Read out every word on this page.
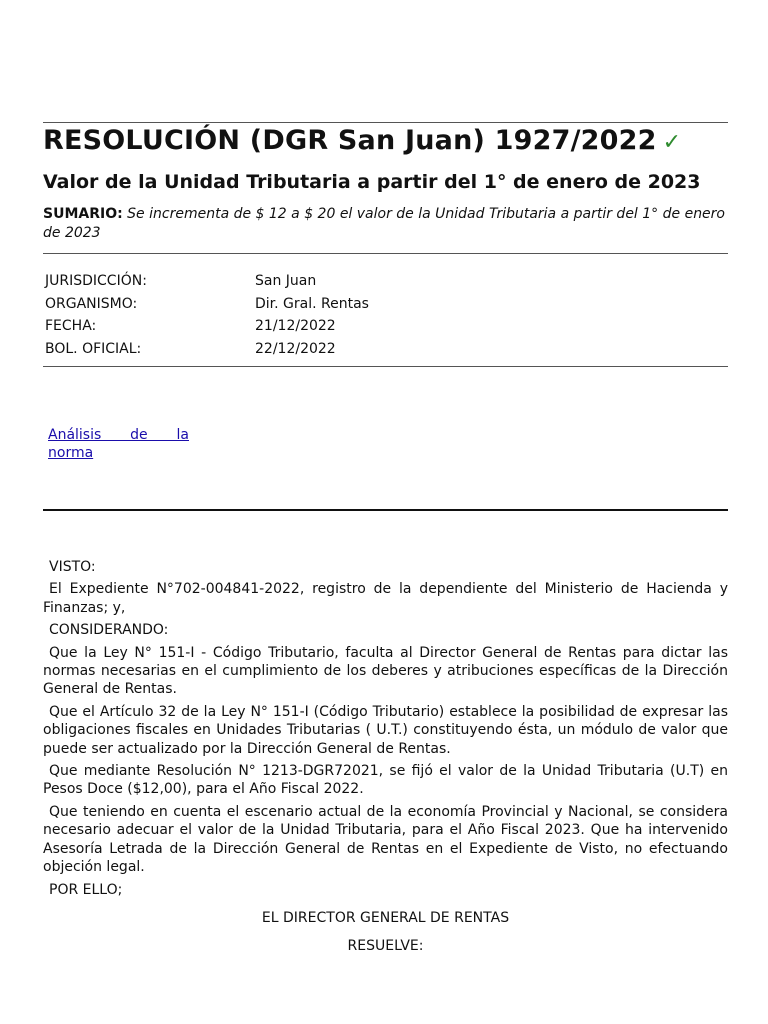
RESOLUCIÓN (DGR San Juan) 1927/2022 ✓
Valor de la Unidad Tributaria a partir del 1° de enero de 2023
SUMARIO: Se incrementa de $ 12 a $ 20 el valor de la Unidad Tributaria a partir del 1° de enero de 2023
JURISDICCIÓN:	San Juan
ORGANISMO:	Dir. Gral. Rentas
FECHA:	21/12/2022
BOL. OFICIAL:	22/12/2022
Análisis de la norma

VISTO:

El Expediente N°702-004841-2022, registro de la dependiente del Ministerio de Hacienda y Finanzas; y,

CONSIDERANDO:

Que la Ley N° 151-I - Código Tributario, faculta al Director General de Rentas para dictar las normas necesarias en el cumplimiento de los deberes y atribuciones específicas de la Dirección General de Rentas.

Que el Artículo 32 de la Ley N° 151-I (Código Tributario) establece la posibilidad de expresar las obligaciones fiscales en Unidades Tributarias ( U.T.) constituyendo ésta, un módulo de valor que puede ser actualizado por la Dirección General de Rentas.

Que mediante Resolución N° 1213-DGR72021, se fijó el valor de la Unidad Tributaria (U.T) en Pesos Doce ($12,00), para el Año Fiscal 2022.

Que teniendo en cuenta el escenario actual de la economía Provincial y Nacional, se considera necesario adecuar el valor de la Unidad Tributaria, para el Año Fiscal 2023. Que ha intervenido Asesoría Letrada de la Dirección General de Rentas en el Expediente de Visto, no efectuando objeción legal.

POR ELLO;

EL DIRECTOR GENERAL DE RENTAS

RESUELVE:
